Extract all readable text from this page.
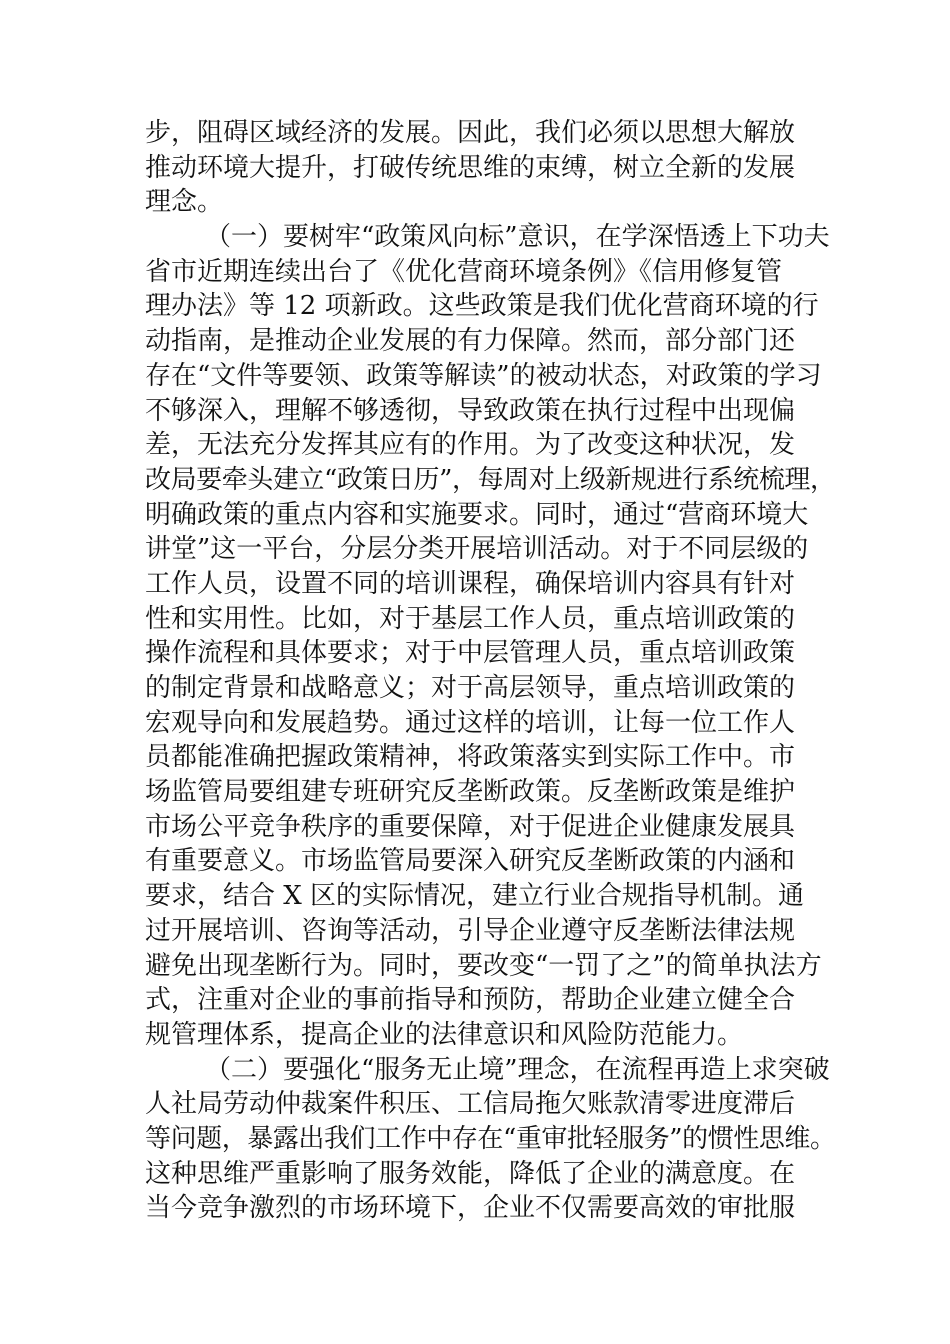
步，阻碍区域经济的发展。因此，我们必须以思想大解放
推动环境大提升，打破传统思维的束缚，树立全新的发展
理念。
（一）要树牢“政策风向标”意识，在学深悟透上下功夫
省市近期连续出台了《优化营商环境条例》《信用修复管
理办法》等 12 项新政。这些政策是我们优化营商环境的行
动指南，是推动企业发展的有力保障。然而，部分部门还
存在“文件等要领、政策等解读”的被动状态，对政策的学习
不够深入，理解不够透彻，导致政策在执行过程中出现偏
差，无法充分发挥其应有的作用。为了改变这种状况，发
改局要牵头建立“政策日历”，每周对上级新规进行系统梳理，
明确政策的重点内容和实施要求。同时，通过“营商环境大
讲堂”这一平台，分层分类开展培训活动。对于不同层级的
工作人员，设置不同的培训课程，确保培训内容具有针对
性和实用性。比如，对于基层工作人员，重点培训政策的
操作流程和具体要求；对于中层管理人员，重点培训政策
的制定背景和战略意义；对于高层领导，重点培训政策的
宏观导向和发展趋势。通过这样的培训，让每一位工作人
员都能准确把握政策精神，将政策落实到实际工作中。市
场监管局要组建专班研究反垄断政策。反垄断政策是维护
市场公平竞争秩序的重要保障，对于促进企业健康发展具
有重要意义。市场监管局要深入研究反垄断政策的内涵和
要求，结合 X 区的实际情况，建立行业合规指导机制。通
过开展培训、咨询等活动，引导企业遵守反垄断法律法规
避免出现垄断行为。同时，要改变“一罚了之”的简单执法方
式，注重对企业的事前指导和预防，帮助企业建立健全合
规管理体系，提高企业的法律意识和风险防范能力。
（二）要强化“服务无止境”理念，在流程再造上求突破
人社局劳动仲裁案件积压、工信局拖欠账款清零进度滞后
等问题，暴露出我们工作中存在“重审批轻服务”的惯性思维。
这种思维严重影响了服务效能，降低了企业的满意度。在
当今竞争激烈的市场环境下，企业不仅需要高效的审批服
